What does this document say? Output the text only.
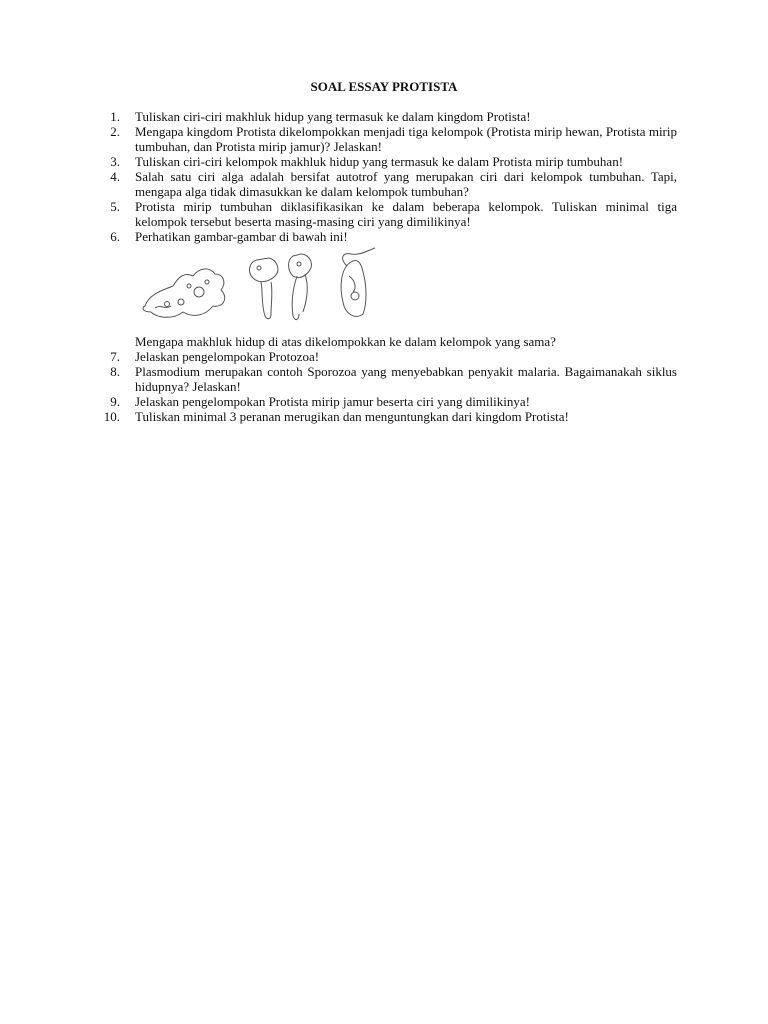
SOAL ESSAY PROTISTA
1. Tuliskan ciri-ciri makhluk hidup yang termasuk ke dalam kingdom Protista!
2. Mengapa kingdom Protista dikelompokkan menjadi tiga kelompok (Protista mirip hewan, Protista mirip tumbuhan, dan Protista mirip jamur)? Jelaskan!
3. Tuliskan ciri-ciri kelompok makhluk hidup yang termasuk ke dalam Protista mirip tumbuhan!
4. Salah satu ciri alga adalah bersifat autotrof yang merupakan ciri dari kelompok tumbuhan. Tapi, mengapa alga tidak dimasukkan ke dalam kelompok tumbuhan?
5. Protista mirip tumbuhan diklasifikasikan ke dalam beberapa kelompok. Tuliskan minimal tiga kelompok tersebut beserta masing-masing ciri yang dimilikinya!
6. Perhatikan gambar-gambar di bawah ini!
Mengapa makhluk hidup di atas dikelompokkan ke dalam kelompok yang sama?
7. Jelaskan pengelompokan Protozoa!
8. Plasmodium merupakan contoh Sporozoa yang menyebabkan penyakit malaria. Bagaimanakah siklus hidupnya? Jelaskan!
9. Jelaskan pengelompokan Protista mirip jamur beserta ciri yang dimilikinya!
10. Tuliskan minimal 3 peranan merugikan dan menguntungkan dari kingdom Protista!
